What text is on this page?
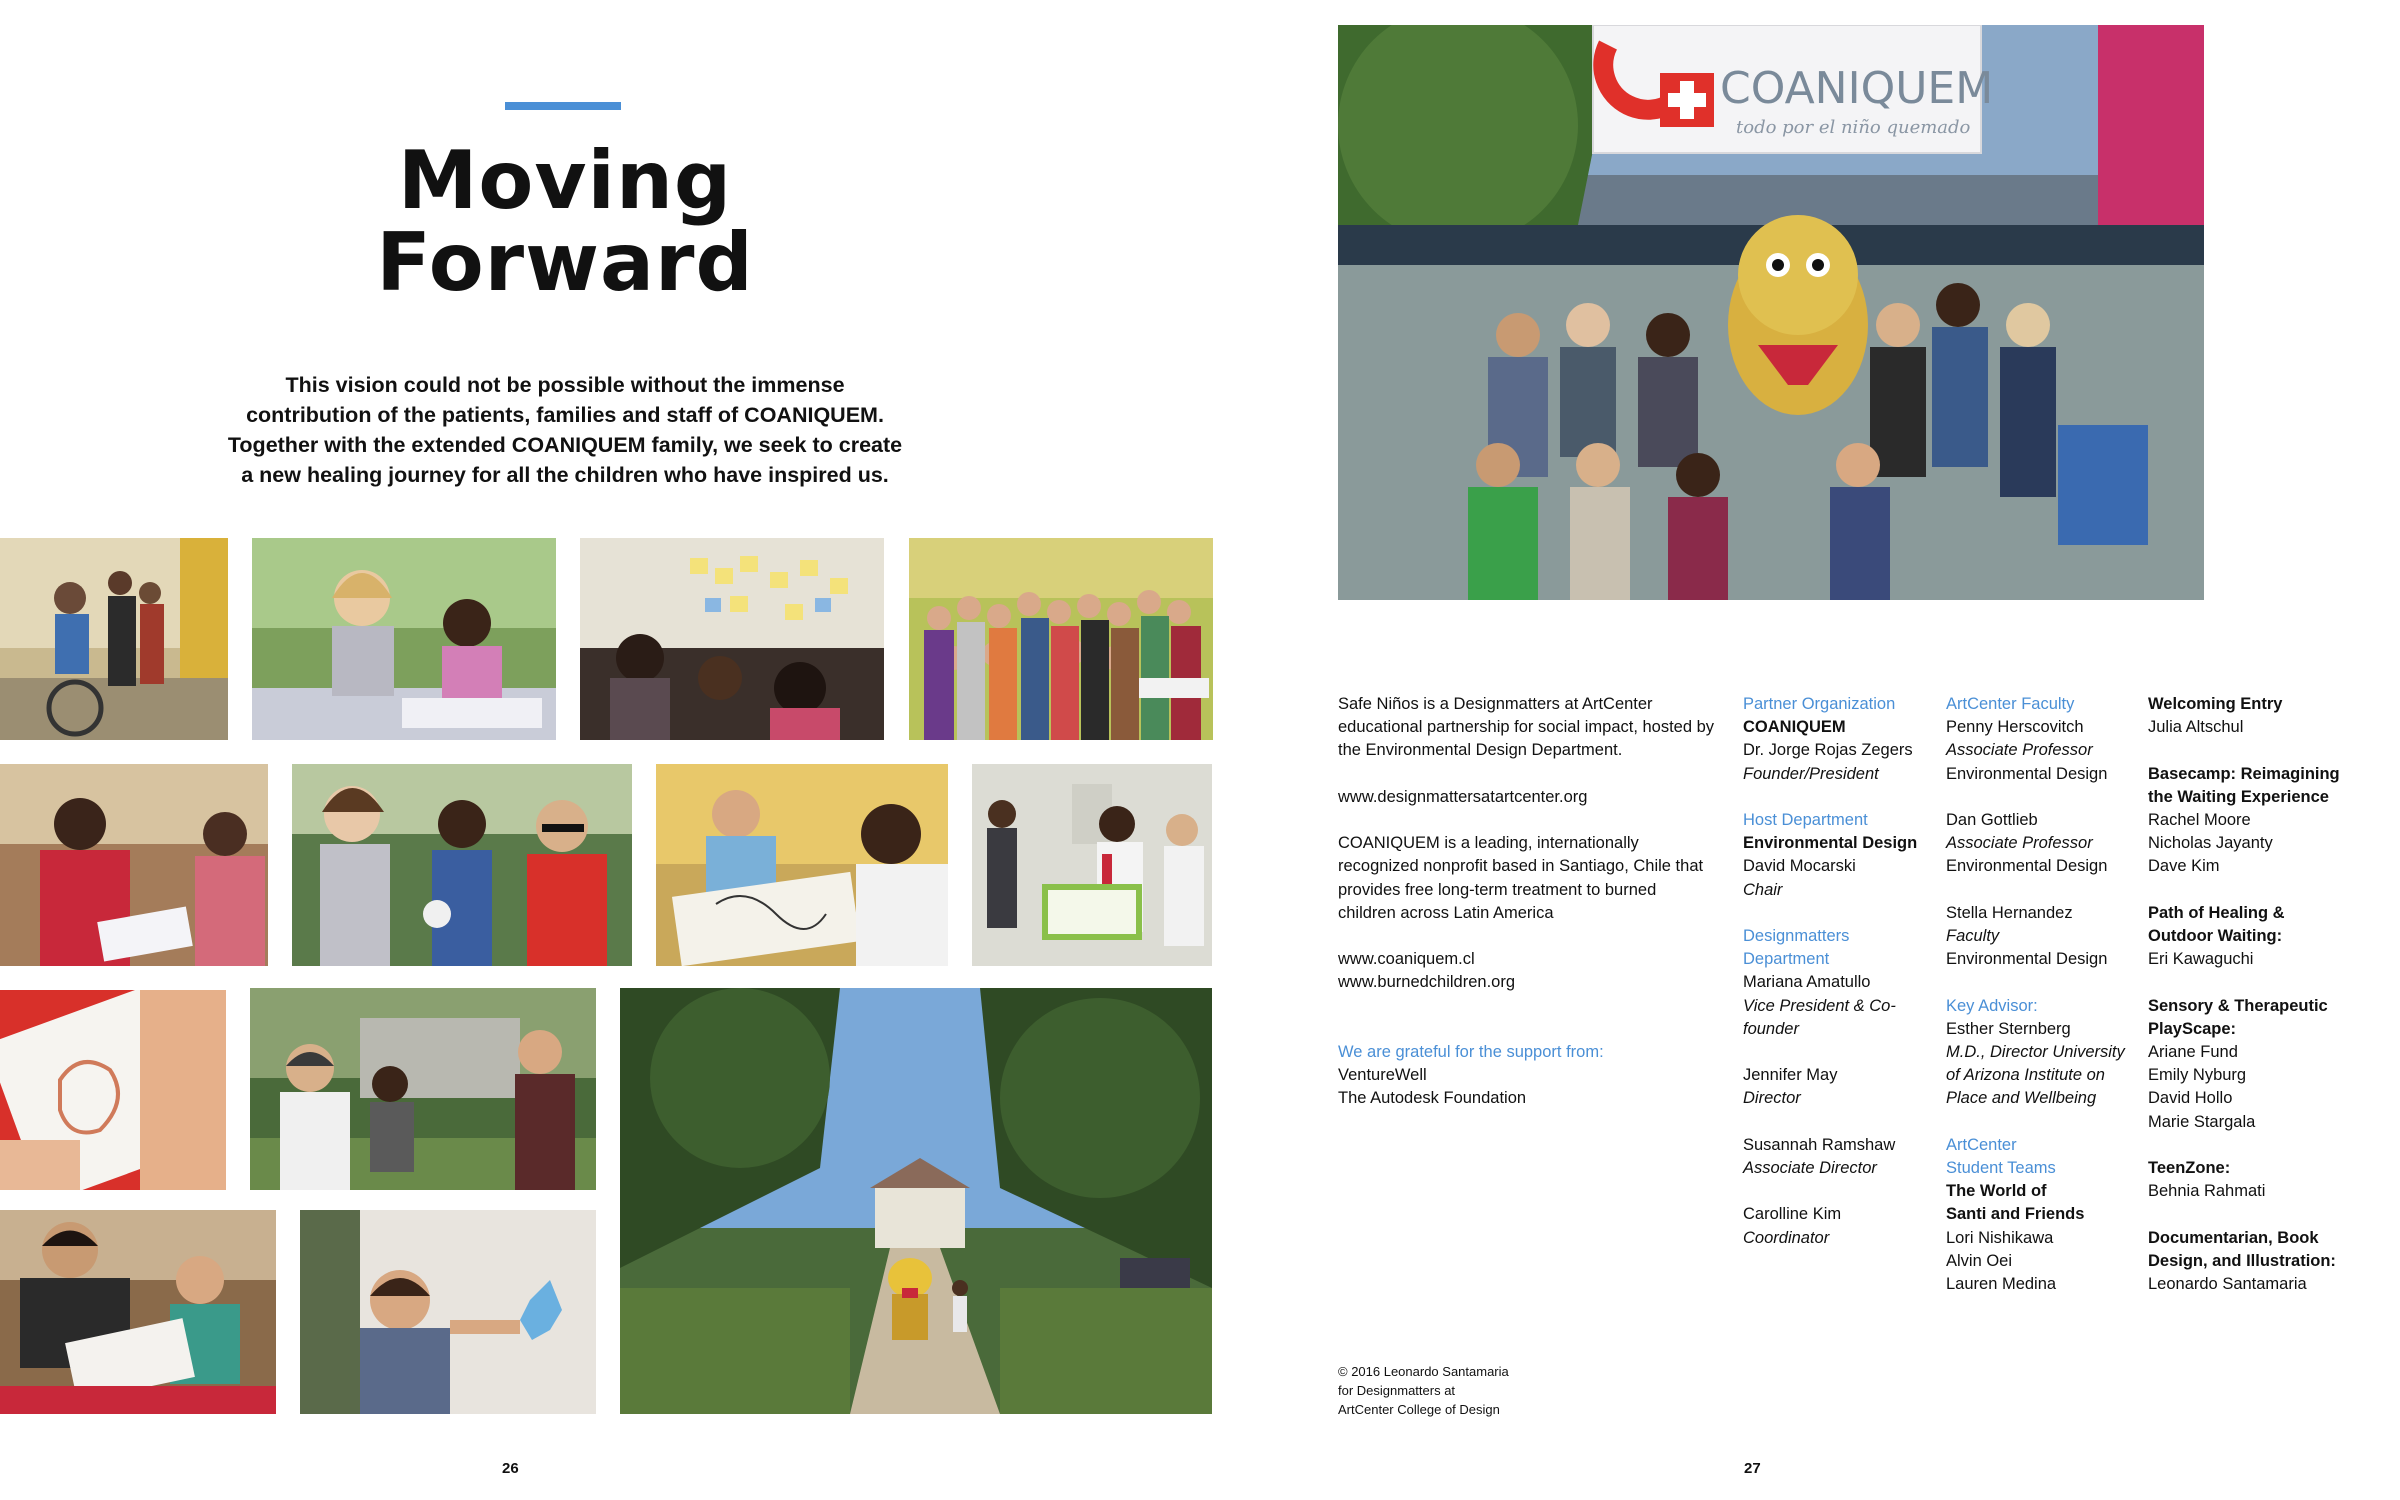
Moving
Forward
This vision could not be possible without the immense contribution of the patients, families and staff of COANIQUEM. Together with the extended COANIQUEM family, we seek to create a new healing journey for all the children who have inspired us.
26
COANIQUEM
todo por el niño quemado

Safe Niños is a Designmatters at ArtCenter educational partnership for social impact, hosted by the Environmental Design Department.

www.designmattersatartcenter.org

COANIQUEM is a leading, internationally recognized nonprofit based in Santiago, Chile that provides free long-term treatment to burned children across Latin America

www.coaniquem.cl

www.burnedchildren.org

We are grateful for the support from:

VentureWell

The Autodesk Foundation

Partner Organization

COANIQUEM

Dr. Jorge Rojas Zegers

Founder/President

Host Department

Environmental Design

David Mocarski

Chair

Designmatters

Department

Mariana Amatullo

Vice President & Co-

founder

Jennifer May

Director

Susannah Ramshaw

Associate Director

Carolline Kim

Coordinator

ArtCenter Faculty

Penny Herscovitch

Associate Professor

Environmental Design

Dan Gottlieb

Associate Professor

Environmental Design

Stella Hernandez

Faculty

Environmental Design

Key Advisor:

Esther Sternberg

M.D., Director University

of Arizona Institute on

Place and Wellbeing

ArtCenter

Student Teams

The World of

Santi and Friends

Lori Nishikawa

Alvin Oei

Lauren Medina

Welcoming Entry

Julia Altschul

Basecamp: Reimagining

the Waiting Experience

Rachel Moore

Nicholas Jayanty

Dave Kim

Path of Healing &

Outdoor Waiting:

Eri Kawaguchi

Sensory & Therapeutic

PlayScape:

Ariane Fund

Emily Nyburg

David Hollo

Marie Stargala

TeenZone:

Behnia Rahmati

Documentarian, Book

Design, and Illustration:

Leonardo Santamaria

© 2016 Leonardo Santamaria
for Designmatters at
ArtCenter College of Design
27
